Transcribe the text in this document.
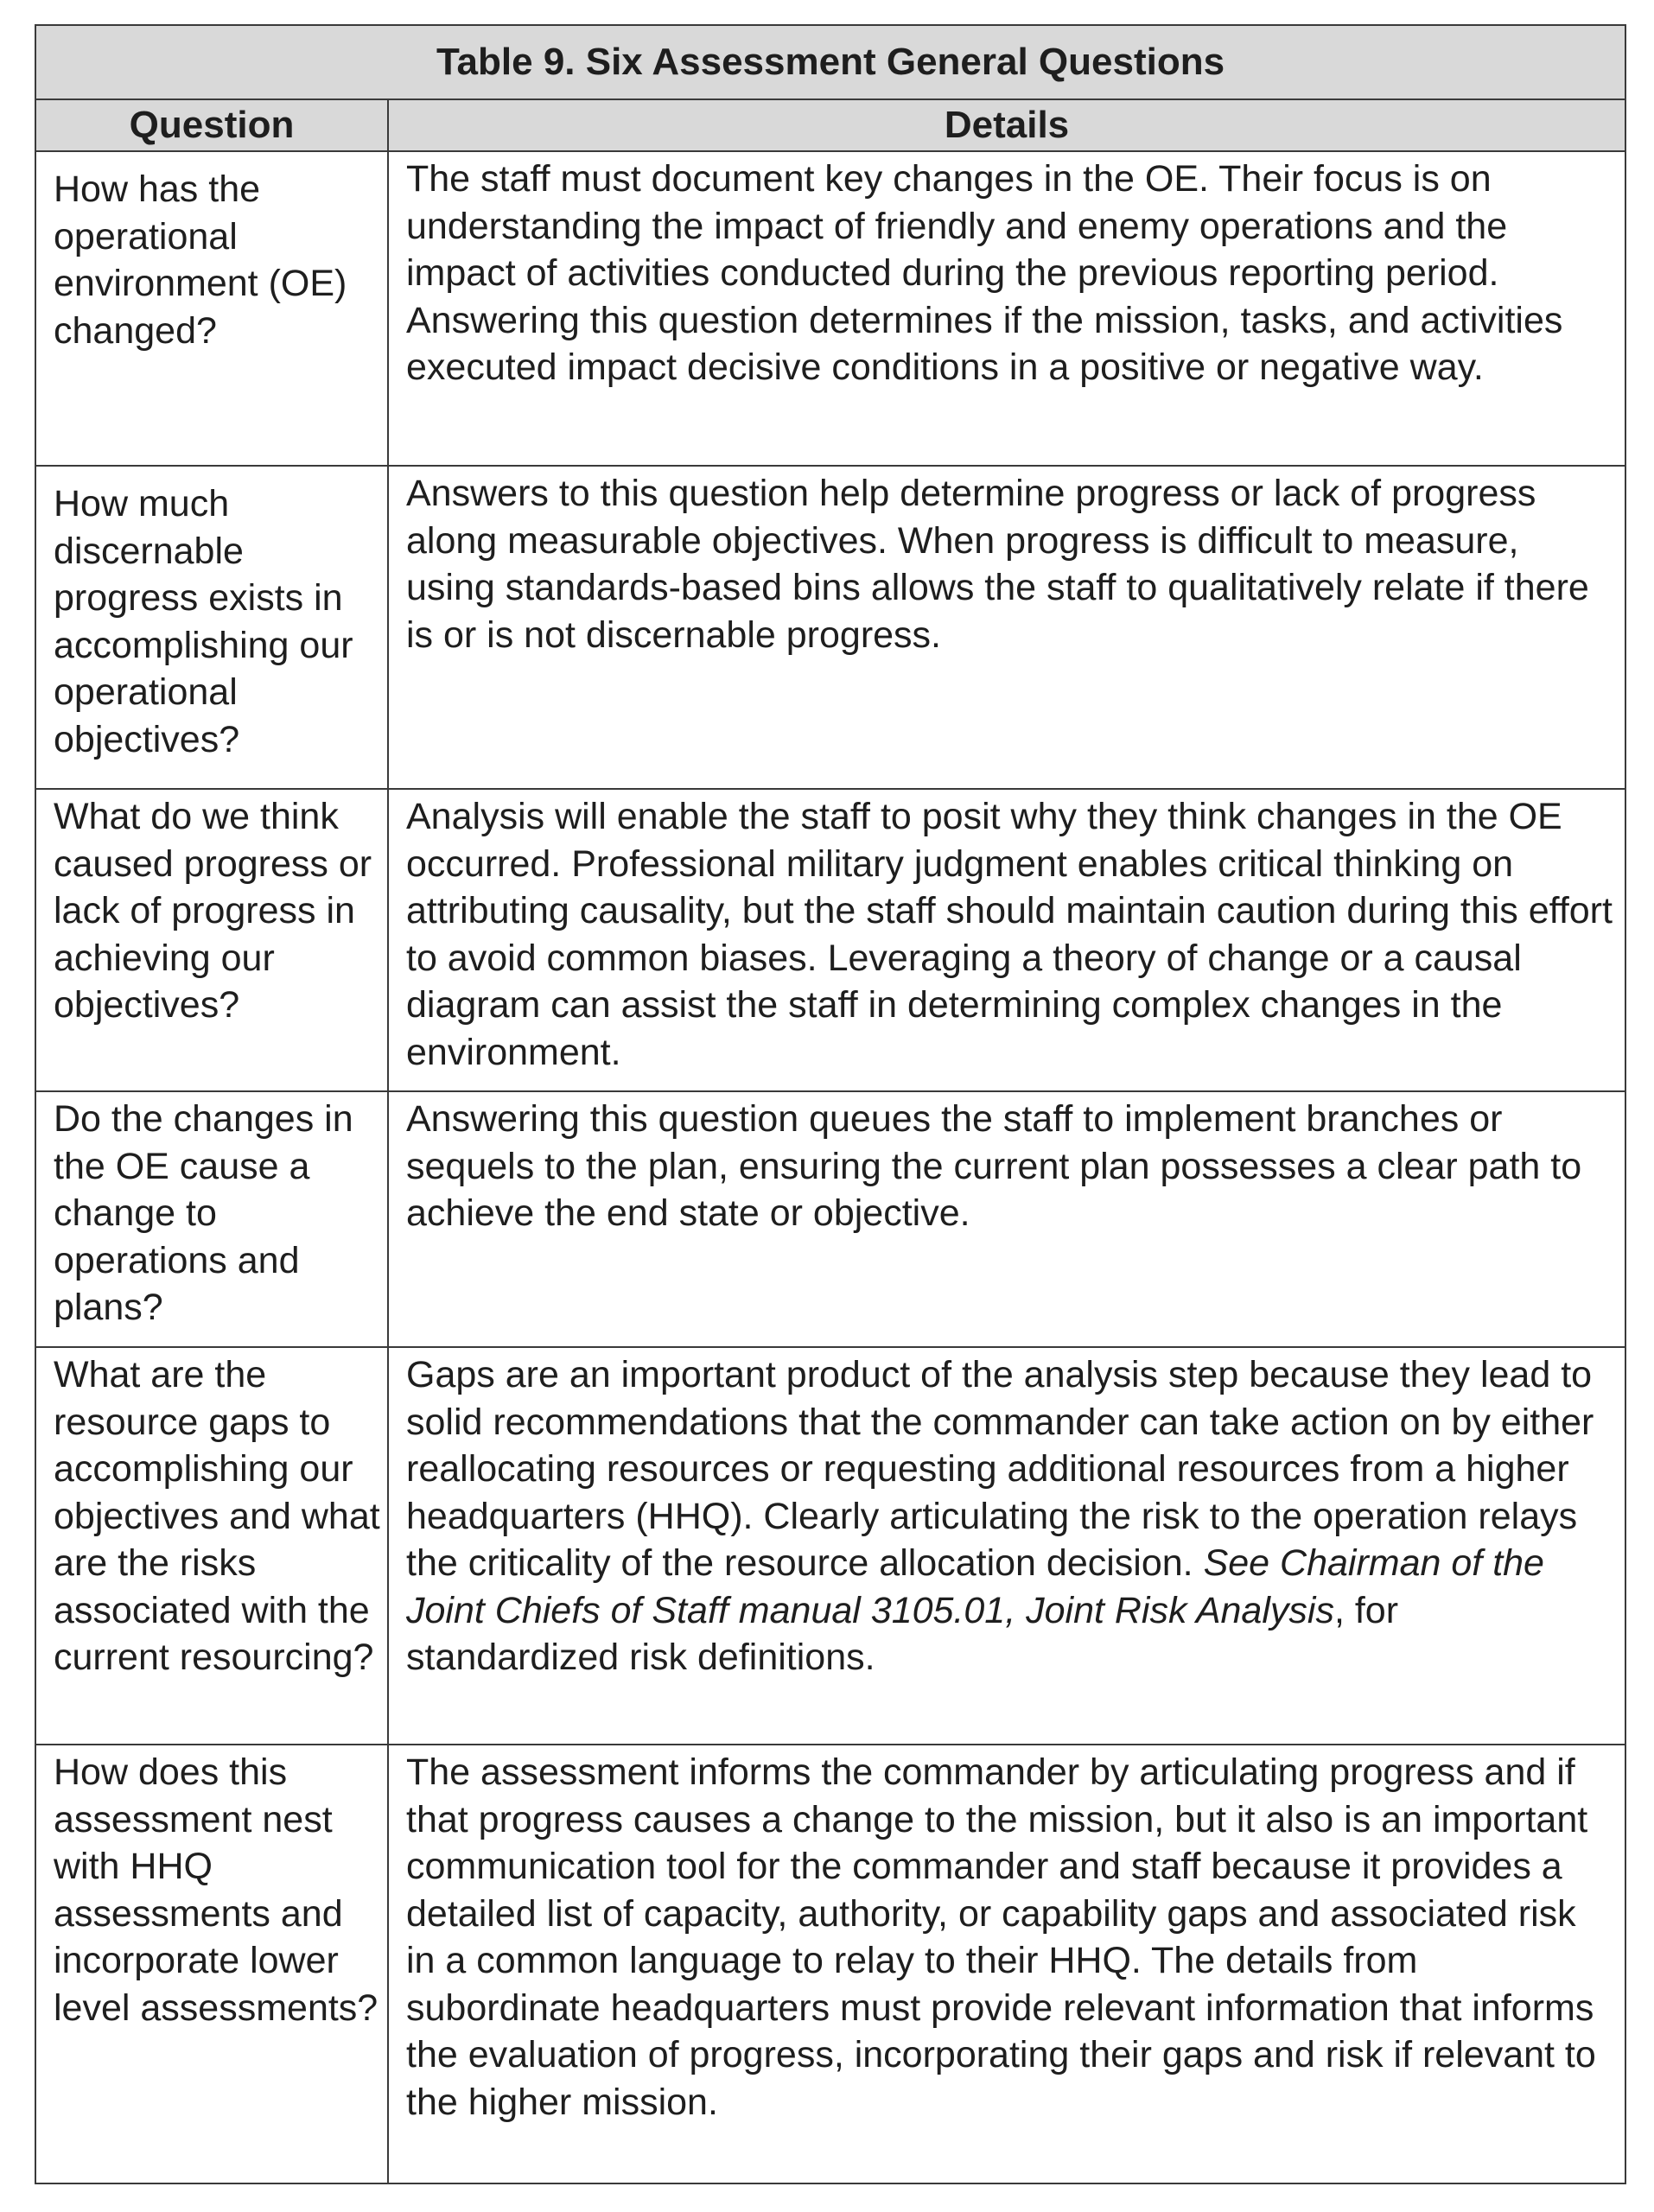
Table 9. Six Assessment General Questions	
Question	Details
How has the operational environment (OE) changed?	The staff must document key changes in the OE. Their focus is on understanding the impact of friendly and enemy operations and the impact of activities conducted during the previous reporting period. Answering this question determines if the mission, tasks, and activities executed impact decisive conditions in a positive or negative way.
How much discernable progress exists in accomplishing our operational objectives?	Answers to this question help determine progress or lack of progress along measurable objectives. When progress is difficult to measure, using standards-based bins allows the staff to qualitatively relate if there is or is not discernable progress.
What do we think caused progress or lack of progress in achieving our objectives?	Analysis will enable the staff to posit why they think changes in the OE occurred. Professional military judgment enables critical thinking on attributing causality, but the staff should maintain caution during this effort to avoid common biases. Leveraging a theory of change or a causal diagram can assist the staff in determining complex changes in the environment.
Do the changes in the OE cause a change to operations and plans?	Answering this question queues the staff to implement branches or sequels to the plan, ensuring the current plan possesses a clear path to achieve the end state or objective.
What are the resource gaps to accomplishing our objectives and what are the risks associated with the current resourcing?	Gaps are an important product of the analysis step because they lead to solid recommendations that the commander can take action on by either reallocating resources or requesting additional resources from a higher headquarters (HHQ). Clearly articulating the risk to the operation relays the criticality of the resource allocation decision. See Chairman of the Joint Chiefs of Staff manual 3105.01, Joint Risk Analysis, for standardized risk definitions.
How does this assessment nest with HHQ assessments and incorporate lower level assessments?	The assessment informs the commander by articulating progress and if that progress causes a change to the mission, but it also is an important communication tool for the commander and staff because it provides a detailed list of capacity, authority, or capability gaps and associated risk in a common language to relay to their HHQ. The details from subordinate headquarters must provide relevant information that informs the evaluation of progress, incorporating their gaps and risk if relevant to the higher mission.
